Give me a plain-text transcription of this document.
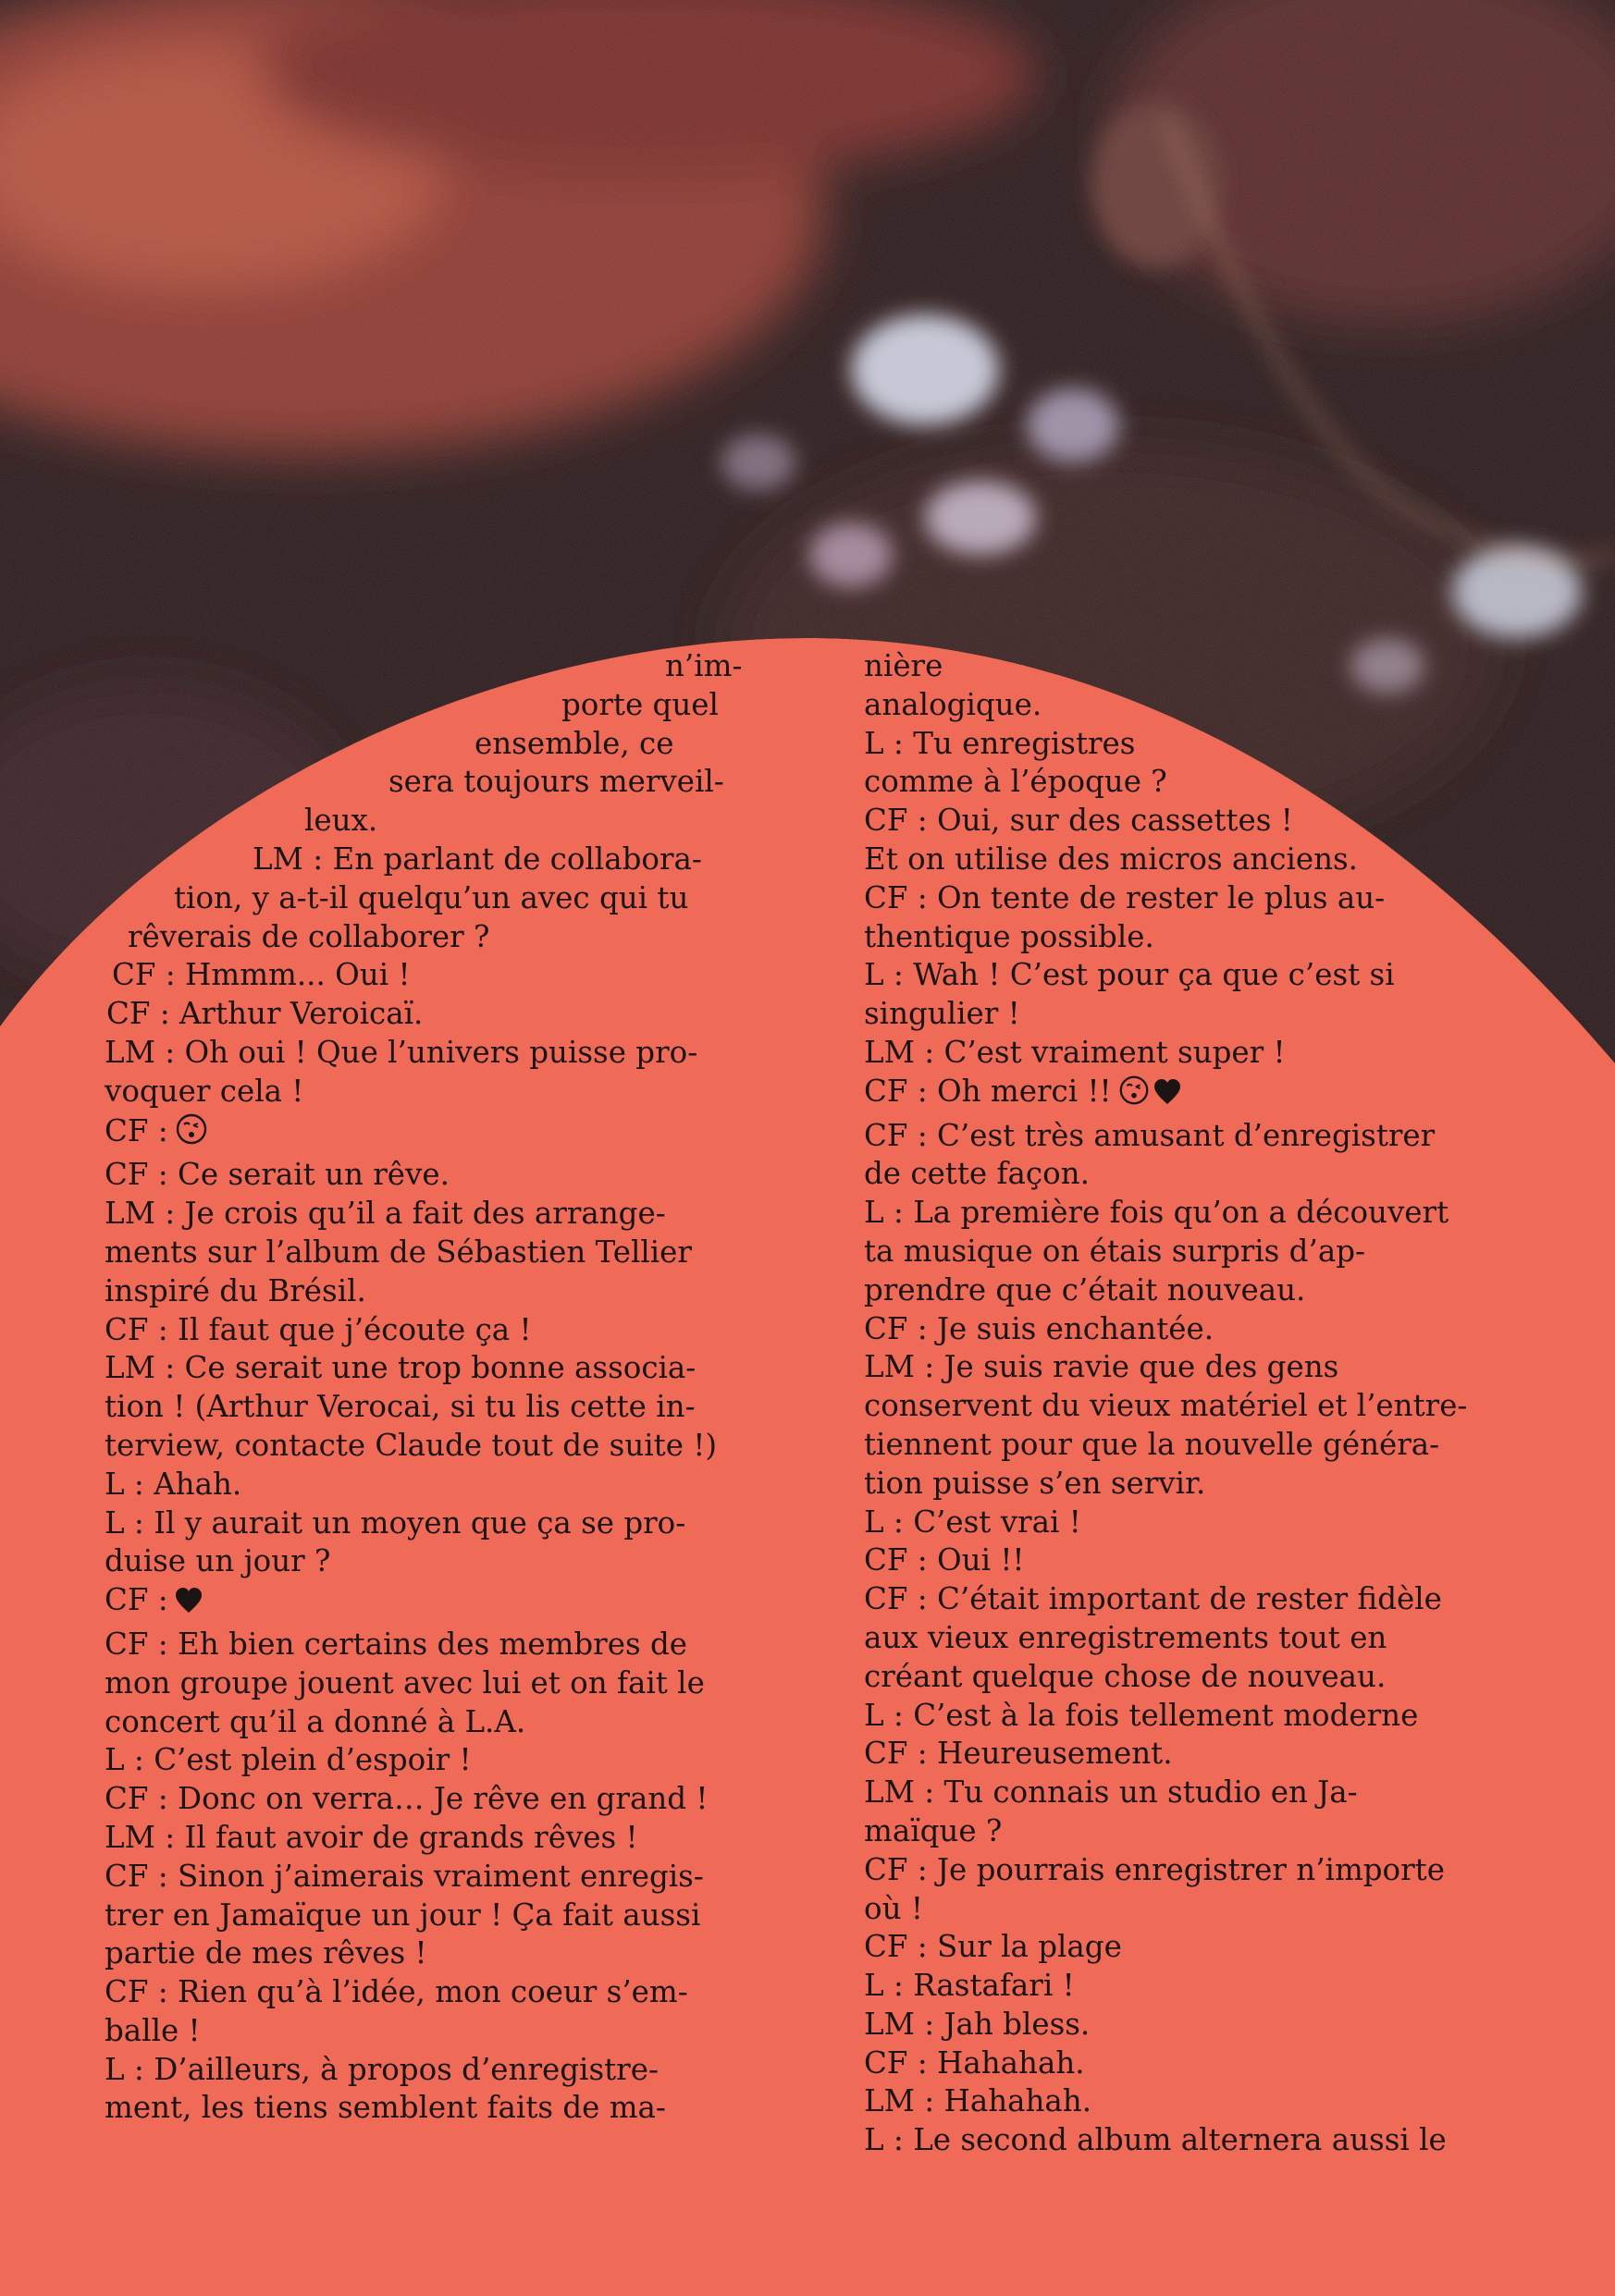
n’im-

porte quel

ensemble, ce

sera toujours merveil-

leux.

LM : En parlant de collabora-

tion, y a-t-il quelqu’un avec qui tu

rêverais de collaborer ?

CF : Hmmm... Oui !

CF : Arthur Veroicaï.

LM : Oh oui ! Que l’univers puisse pro-

voquer cela !

CF :

CF : Ce serait un rêve.

LM : Je crois qu’il a fait des arrange-

ments sur l’album de Sébastien Tellier

inspiré du Brésil.

CF : Il faut que j’écoute ça !

LM : Ce serait une trop bonne associa-

tion ! (Arthur Verocai, si tu lis cette in-

terview, contacte Claude tout de suite !)

L : Ahah.

L : Il y aurait un moyen que ça se pro-

duise un jour ?

CF :

CF : Eh bien certains des membres de

mon groupe jouent avec lui et on fait le

concert qu’il a donné à L.A.

L : C’est plein d’espoir !

CF : Donc on verra… Je rêve en grand !

LM : Il faut avoir de grands rêves !

CF : Sinon j’aimerais vraiment enregis-

trer en Jamaïque un jour ! Ça fait aussi

partie de mes rêves !

CF : Rien qu’à l’idée, mon coeur s’em-

balle !

L : D’ailleurs, à propos d’enregistre-

ment, les tiens semblent faits de ma-

nière

analogique.

L : Tu enregistres

comme à l’époque ?

CF : Oui, sur des cassettes !

Et on utilise des micros anciens.

CF : On tente de rester le plus au-

thentique possible.

L : Wah ! C’est pour ça que c’est si

singulier !

LM : C’est vraiment super !

CF : Oh merci !!

CF : C’est très amusant d’enregistrer

de cette façon.

L : La première fois qu’on a découvert

ta musique on étais surpris d’ap-

prendre que c’était nouveau.

CF : Je suis enchantée.

LM : Je suis ravie que des gens

conservent du vieux matériel et l’entre-

tiennent pour que la nouvelle généra-

tion puisse s’en servir.

L : C’est vrai !

CF : Oui !!

CF : C’était important de rester fidèle

aux vieux enregistrements tout en

créant quelque chose de nouveau.

L : C’est à la fois tellement moderne

CF : Heureusement.

LM : Tu connais un studio en Ja-

maïque ?

CF : Je pourrais enregistrer n’importe

où !

CF : Sur la plage

L : Rastafari !

LM : Jah bless.

CF : Hahahah.

LM : Hahahah.

L : Le second album alternera aussi le
